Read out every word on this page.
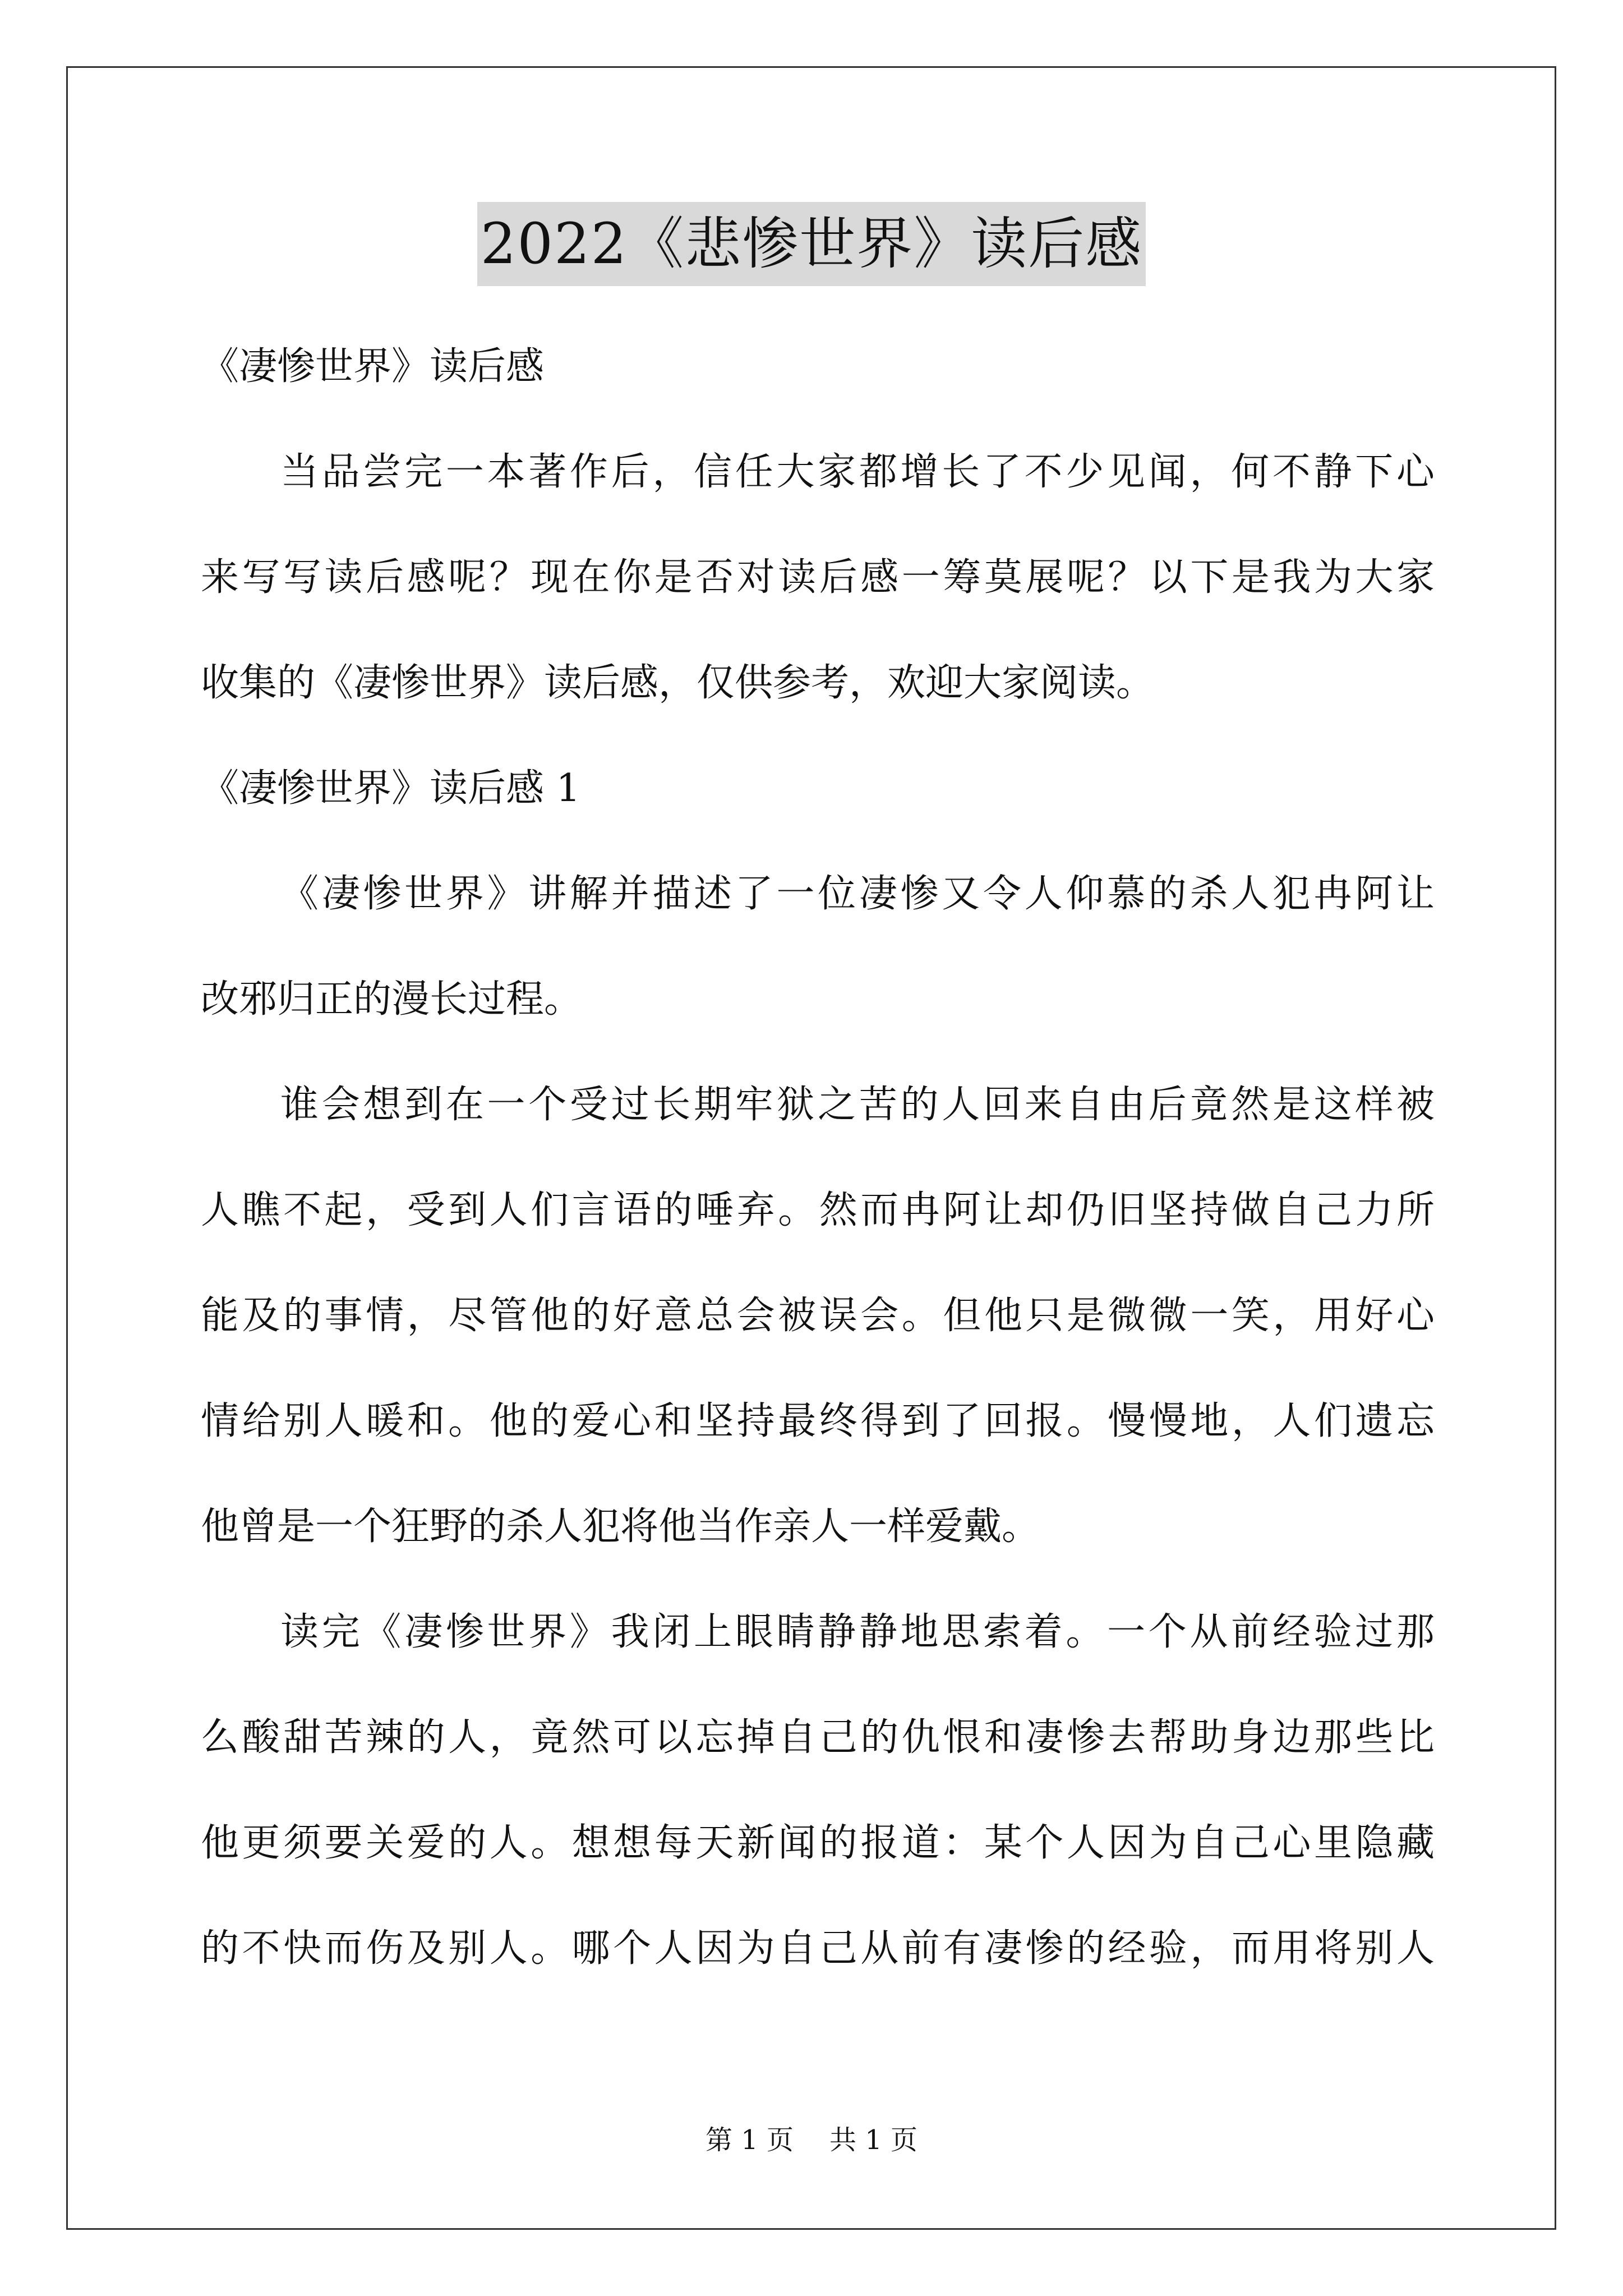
2022《悲惨世界》读后感
《凄惨世界》读后感
当品尝完一本著作后，信任大家都增长了不少见闻，何不静下心
来写写读后感呢？现在你是否对读后感一筹莫展呢？以下是我为大家
收集的《凄惨世界》读后感，仅供参考，欢迎大家阅读。
《凄惨世界》读后感 1
《凄惨世界》讲解并描述了一位凄惨又令人仰慕的杀人犯冉阿让
改邪归正的漫长过程。
谁会想到在一个受过长期牢狱之苦的人回来自由后竟然是这样被
人瞧不起，受到人们言语的唾弃。然而冉阿让却仍旧坚持做自己力所
能及的事情，尽管他的好意总会被误会。但他只是微微一笑，用好心
情给别人暖和。他的爱心和坚持最终得到了回报。慢慢地，人们遗忘
他曾是一个狂野的杀人犯将他当作亲人一样爱戴。
读完《凄惨世界》我闭上眼睛静静地思索着。一个从前经验过那
么酸甜苦辣的人，竟然可以忘掉自己的仇恨和凄惨去帮助身边那些比
他更须要关爱的人。想想每天新闻的报道：某个人因为自己心里隐藏
的不快而伤及别人。哪个人因为自己从前有凄惨的经验，而用将别人
第 1 页 共 1 页
